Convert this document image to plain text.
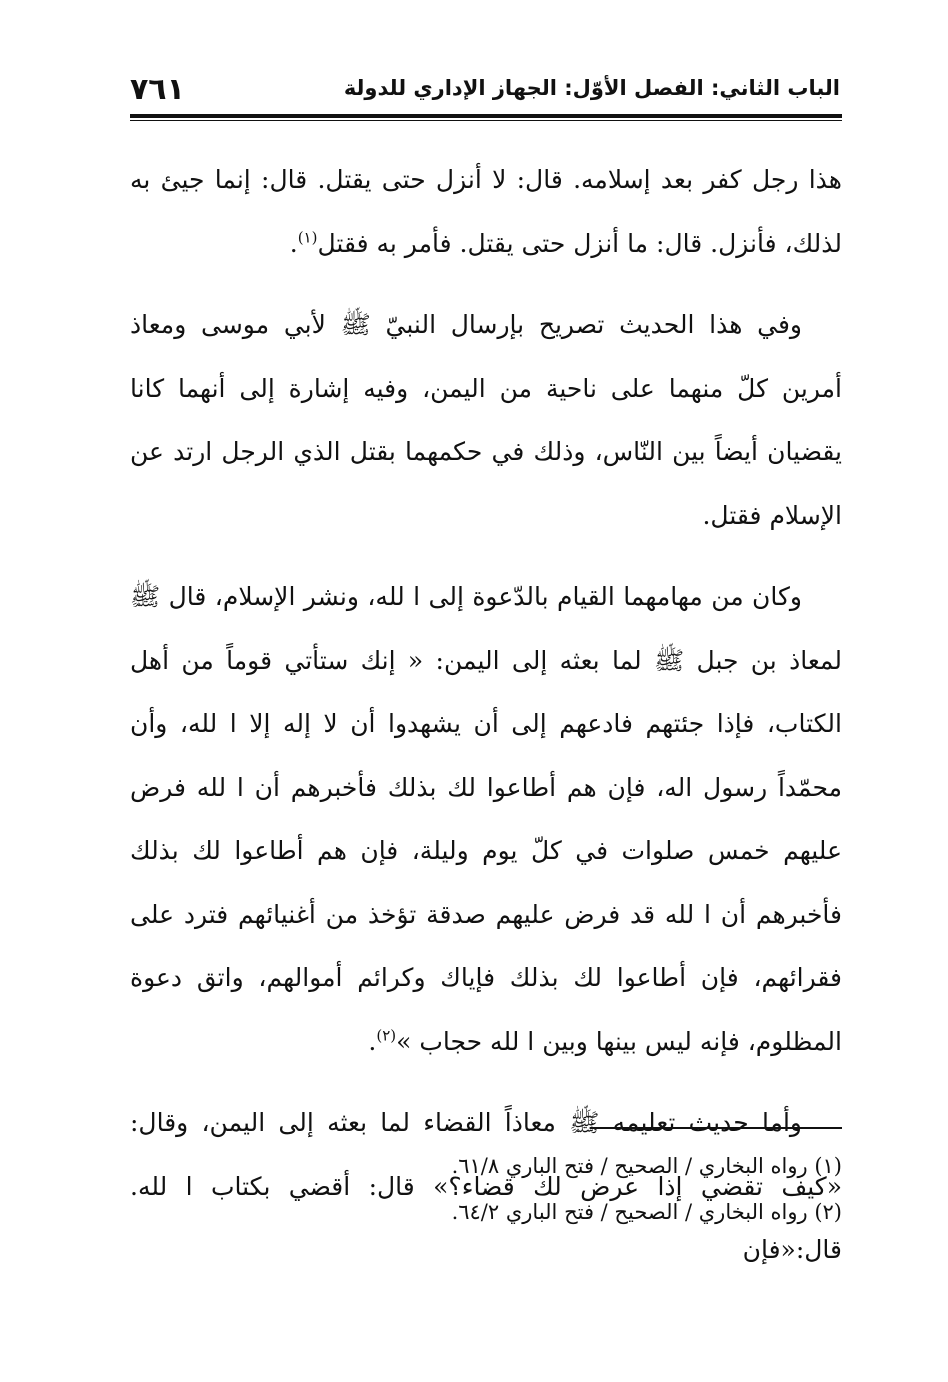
الباب الثاني: الفصل الأوّل: الجهاز الإداري للدولة
٧٦١

هذا رجل كفر بعد إسلامه. قال: لا أنزل حتى يقتل. قال: إنما جيئ به لذلك، فأنزل. قال: ما أنزل حتى يقتل. فأمر به فقتل$^{(١)}$.

وفي هذا الحديث تصريح بإرسال النبيّ ﷺ لأبي موسى ومعاذ أمرين كلّ منهما على ناحية من اليمن، وفيه إشارة إلى أنهما كانا يقضيان أيضاً بين النّاس، وذلك في حكمهما بقتل الذي الرجل ارتد عن الإسلام فقتل.

وكان من مهامهما القيام بالدّعوة إلى ا لله، ونشر الإسلام، قال ﷺ لمعاذ بن جبل ﷺ لما بعثه إلى اليمن: « إنك ستأتي قوماً من أهل الكتاب، فإذا جئتهم فادعهم إلى أن يشهدوا أن لا إله إلا ا لله، وأن محمّداً رسول اله، فإن هم أطاعوا لك بذلك فأخبرهم أن ا لله فرض عليهم خمس صلوات في كلّ يوم وليلة، فإن هم أطاعوا لك بذلك فأخبرهم أن ا لله قد فرض عليهم صدقة تؤخذ من أغنيائهم فترد على فقرائهم، فإن أطاعوا لك بذلك فإياك وكرائم أموالهم، واتق دعوة المظلوم، فإنه ليس بينها وبين ا لله حجاب »$^{(٢)}$.

وأما حديث تعليمه ﷺ معاذاً القضاء لما بعثه إلى اليمن، وقال: «كيف تقضي إذا عرض لك قضاء؟» قال: أقضي بكتاب ا لله. قال:«فإن

(١) رواه البخاري / الصحيح / فتح الباري ٦١/٨.

(٢) رواه البخاري / الصحيح / فتح الباري ٦٤/٢.
